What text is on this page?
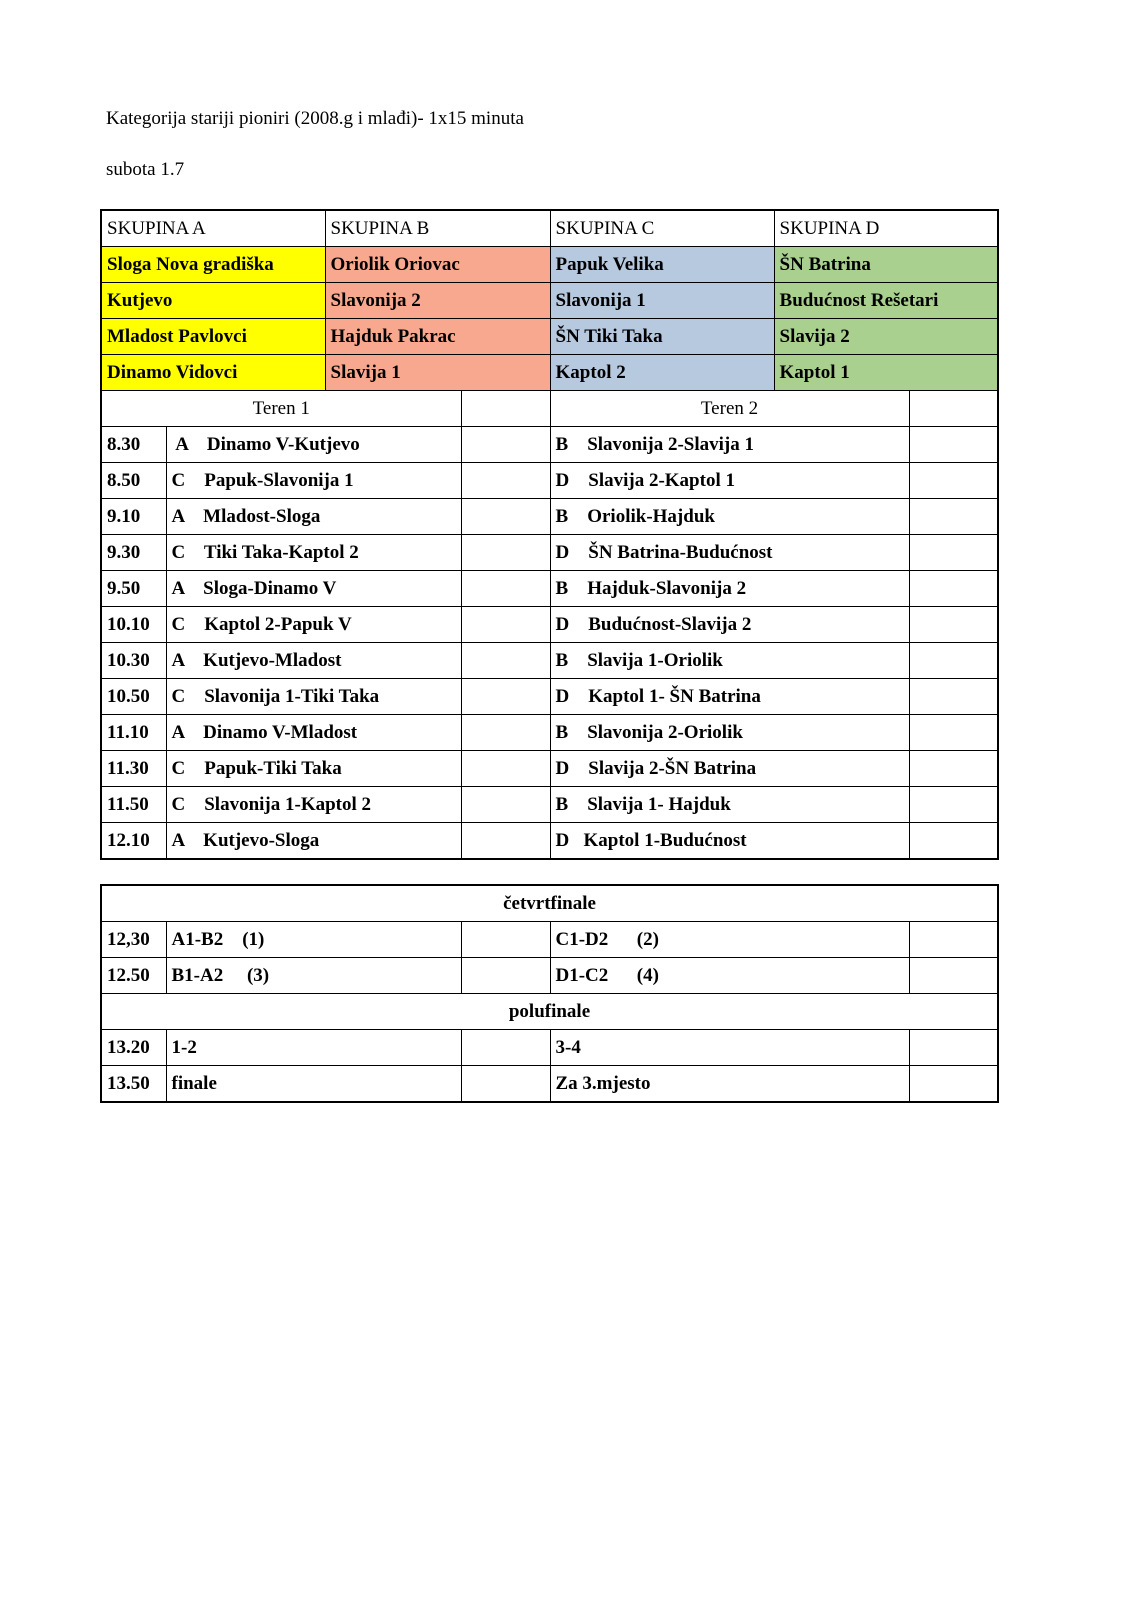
Kategorija stariji pioniri (2008.g i mlađi)- 1x15 minuta
subota 1.7
SKUPINA A		SKUPINA B		SKUPINA C	SKUPINA D	
Sloga Nova gradiška		Oriolik Oriovac		Papuk Velika	ŠN Batrina	
Kutjevo		Slavonija 2		Slavonija 1	Budućnost Rešetari	
Mladost Pavlovci		Hajduk Pakrac		ŠN Tiki Taka	Slavija 2	
Dinamo Vidovci		Slavija 1		Kaptol 2	Kaptol 1	
Teren 1				Teren 2		
8.30	A    Dinamo V-Kutjevo			B    Slavonija 2-Slavija 1		
8.50	C    Papuk-Slavonija 1			D    Slavija 2-Kaptol 1		
9.10	A    Mladost-Sloga			B    Oriolik-Hajduk		
9.30	C    Tiki Taka-Kaptol 2			D    ŠN Batrina-Budućnost		
9.50	A    Sloga-Dinamo V			B    Hajduk-Slavonija 2		
10.10	C    Kaptol 2-Papuk V			D    Budućnost-Slavija 2		
10.30	A    Kutjevo-Mladost			B    Slavija 1-Oriolik		
10.50	C    Slavonija 1-Tiki Taka			D    Kaptol 1- ŠN Batrina		
11.10	A    Dinamo V-Mladost			B    Slavonija 2-Oriolik		
11.30	C    Papuk-Tiki Taka			D    Slavija 2-ŠN Batrina		
11.50	C    Slavonija 1-Kaptol 2			B    Slavija 1- Hajduk		
12.10	A    Kutjevo-Sloga			D   Kaptol 1-Budućnost		
četvrtfinale				
12,30	A1-B2    (1)		C1-D2      (2)	
12.50	B1-A2     (3)		D1-C2      (4)	
polufinale				
13.20	1-2		3-4	
13.50	finale		Za 3.mjesto	
